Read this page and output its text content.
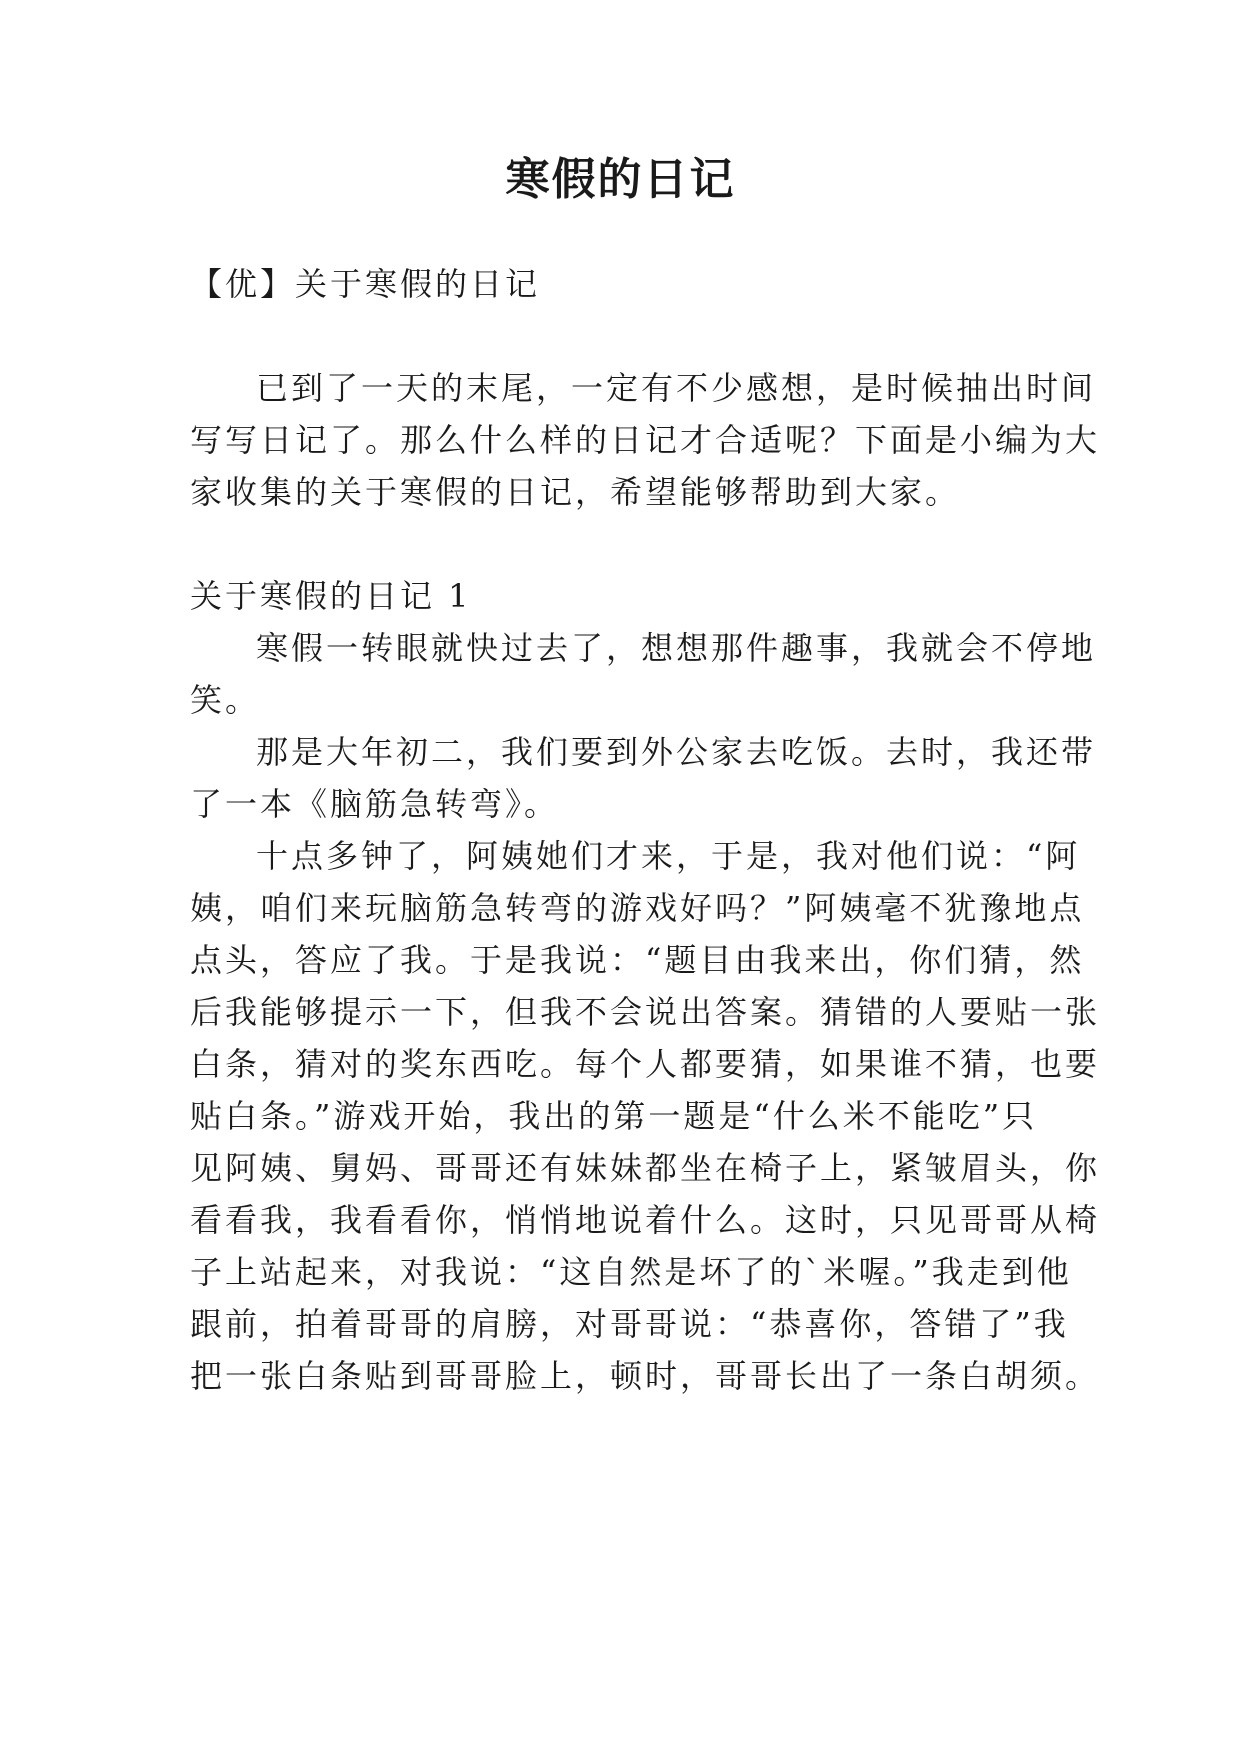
寒假的日记
【优】关于寒假的日记
已到了一天的末尾，一定有不少感想，是时候抽出时间
写写日记了。那么什么样的日记才合适呢？下面是小编为大
家收集的关于寒假的日记，希望能够帮助到大家。
关于寒假的日记 1
寒假一转眼就快过去了，想想那件趣事，我就会不停地
笑。
那是大年初二，我们要到外公家去吃饭。去时，我还带
了一本《脑筋急转弯》。
十点多钟了，阿姨她们才来，于是，我对他们说：“阿
姨，咱们来玩脑筋急转弯的游戏好吗？”阿姨毫不犹豫地点
点头，答应了我。于是我说：“题目由我来出，你们猜，然
后我能够提示一下，但我不会说出答案。猜错的人要贴一张
白条，猜对的奖东西吃。每个人都要猜，如果谁不猜，也要
贴白条。”游戏开始，我出的第一题是“什么米不能吃”只
见阿姨、舅妈、哥哥还有妹妹都坐在椅子上，紧皱眉头，你
看看我，我看看你，悄悄地说着什么。这时，只见哥哥从椅
子上站起来，对我说：“这自然是坏了的`米喔。”我走到他
跟前，拍着哥哥的肩膀，对哥哥说：“恭喜你，答错了”我
把一张白条贴到哥哥脸上，顿时，哥哥长出了一条白胡须。
